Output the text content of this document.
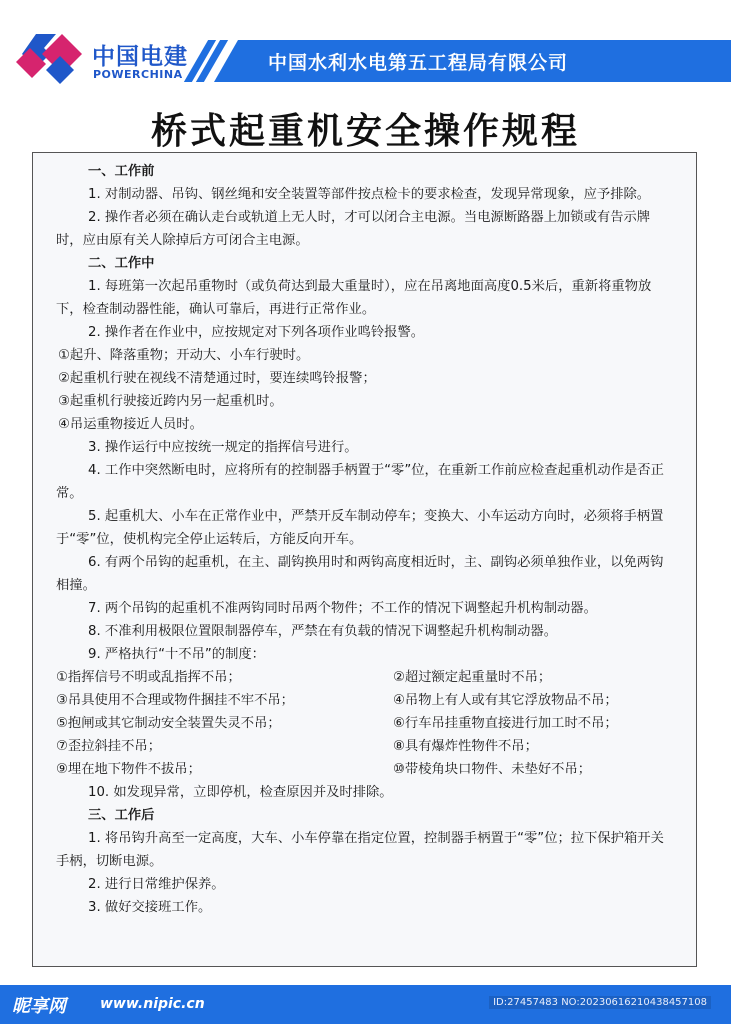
中国电建
POWERCHINA
中国水利水电第五工程局有限公司
桥式起重机安全操作规程
一、工作前
1. 对制动器、吊钩、钢丝绳和安全装置等部件按点检卡的要求检查，发现异常现象，应予排除。
2. 操作者必须在确认走台或轨道上无人时，才可以闭合主电源。当电源断路器上加锁或有告示牌时，应由原有关人除掉后方可闭合主电源。
二、工作中
1. 每班第一次起吊重物时（或负荷达到最大重量时），应在吊离地面高度0.5米后，重新将重物放下，检查制动器性能，确认可靠后，再进行正常作业。
2. 操作者在作业中，应按规定对下列各项作业鸣铃报警。
①起升、降落重物；开动大、小车行驶时。
②起重机行驶在视线不清楚通过时，要连续鸣铃报警；
③起重机行驶接近跨内另一起重机时。
④吊运重物接近人员时。
3. 操作运行中应按统一规定的指挥信号进行。
4. 工作中突然断电时，应将所有的控制器手柄置于“零”位，在重新工作前应检查起重机动作是否正常。
5. 起重机大、小车在正常作业中，严禁开反车制动停车；变换大、小车运动方向时，必须将手柄置于“零”位，使机构完全停止运转后，方能反向开车。
6. 有两个吊钩的起重机，在主、副钩换用时和两钩高度相近时，主、副钩必须单独作业，以免两钩相撞。
7. 两个吊钩的起重机不准两钩同时吊两个物件；不工作的情况下调整起升机构制动器。
8. 不准利用极限位置限制器停车，严禁在有负载的情况下调整起升机构制动器。
9. 严格执行“十不吊”的制度：
①指挥信号不明或乱指挥不吊；	②超过额定起重量时不吊；
③吊具使用不合理或物件捆挂不牢不吊；	④吊物上有人或有其它浮放物品不吊；
⑤抱闸或其它制动安全装置失灵不吊；	⑥行车吊挂重物直接进行加工时不吊；
⑦歪拉斜挂不吊；	⑧具有爆炸性物件不吊；
⑨埋在地下物件不拔吊；	⑩带棱角块口物件、未垫好不吊；
10. 如发现异常，立即停机，检查原因并及时排除。
三、工作后
1. 将吊钩升高至一定高度，大车、小车停靠在指定位置，控制器手柄置于“零”位；拉下保护箱开关手柄，切断电源。
2. 进行日常维护保养。
3. 做好交接班工作。
昵享网 www.nipic.cn	ID:27457483 NO:20230616210438457108
